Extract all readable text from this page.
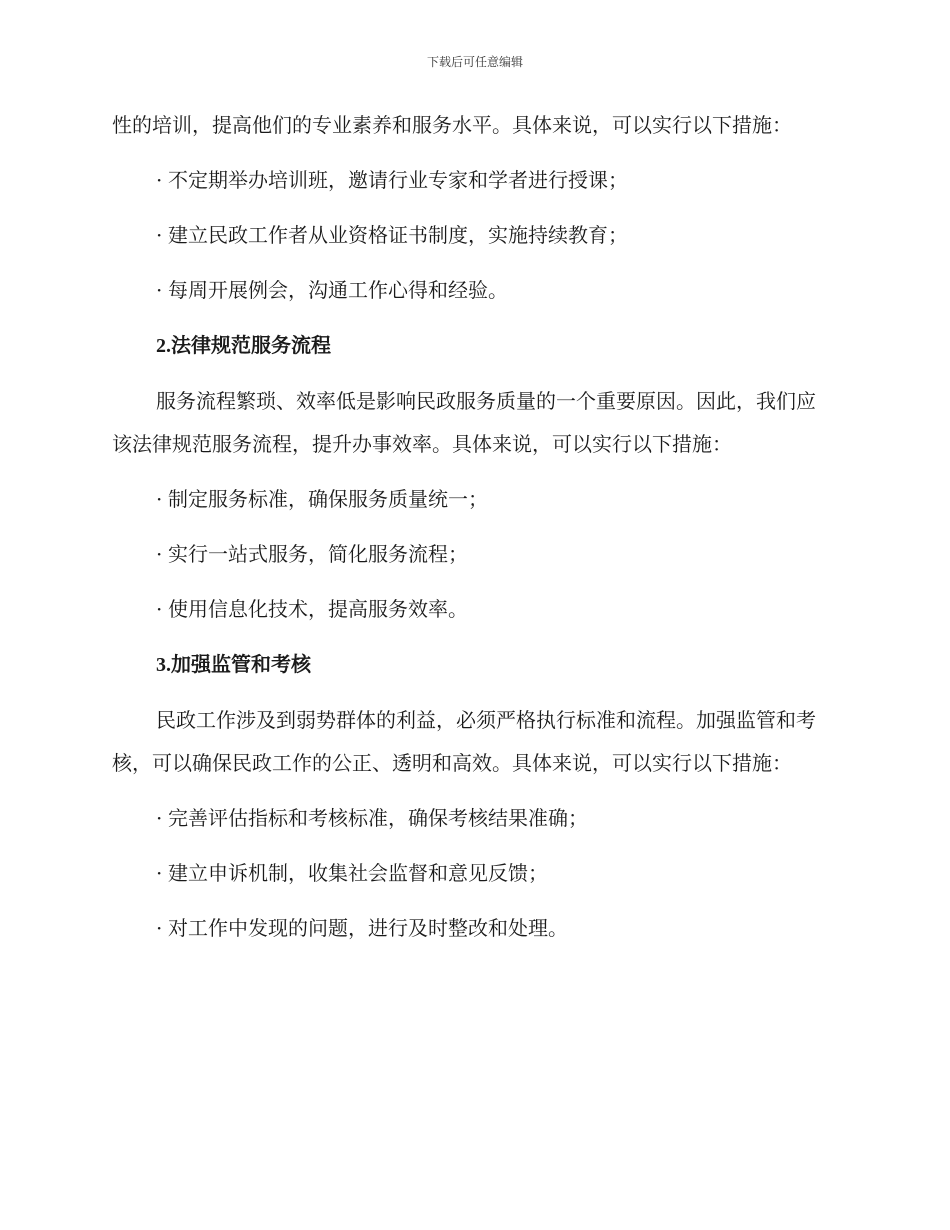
下载后可任意编辑

性的培训，提高他们的专业素养和服务水平。具体来说，可以实行以下措施：

· 不定期举办培训班，邀请行业专家和学者进行授课；
· 建立民政工作者从业资格证书制度，实施持续教育；
· 每周开展例会，沟通工作心得和经验。
2.法律规范服务流程

服务流程繁琐、效率低是影响民政服务质量的一个重要原因。因此，我们应该法律规范服务流程，提升办事效率。具体来说，可以实行以下措施：

· 制定服务标准，确保服务质量统一；
· 实行一站式服务，简化服务流程；
· 使用信息化技术，提高服务效率。
3.加强监管和考核

民政工作涉及到弱势群体的利益，必须严格执行标准和流程。加强监管和考核，可以确保民政工作的公正、透明和高效。具体来说，可以实行以下措施：

· 完善评估指标和考核标准，确保考核结果准确；
· 建立申诉机制，收集社会监督和意见反馈；
· 对工作中发现的问题，进行及时整改和处理。
